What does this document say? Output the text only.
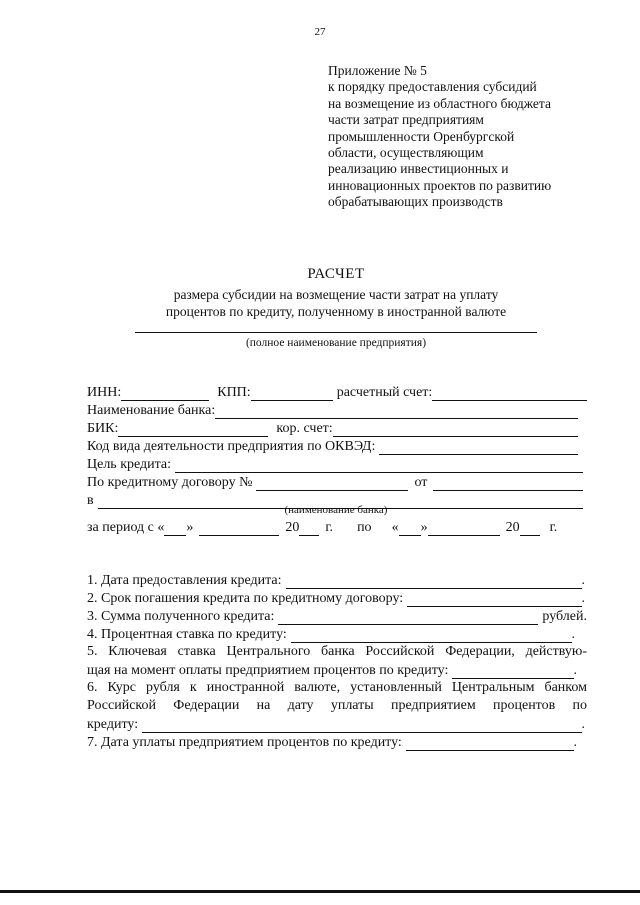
27
Приложение № 5
к порядку предоставления субсидий
на возмещение из областного бюджета
части затрат предприятиям
промышленности Оренбургской
области, осуществляющим
реализацию инвестиционных и
инновационных проектов по развитию
обрабатывающих производств
РАСЧЕТ
размера субсидии на возмещение части затрат на уплату
процентов по кредиту, полученному в иностранной валюте
(полное наименование предприятия)
ИНН:	КПП:	расчетный счет:
Наименование банка:
БИК:	кор. счет:
Код вида деятельности предприятия по ОКВЭД:
Цель кредита:
По кредитному договору №	от
в
(наименование банка)
за период с « »	20 г. по « »	20 г.
1. Дата предоставления кредита:	.
2. Срок погашения кредита по кредитному договору:	.
3. Сумма полученного кредита:	рублей.
4. Процентная ставка по кредиту:	.
5. Ключевая ставка Центрального банка Российской Федерации, действую-
щая на момент оплаты предприятием процентов по кредиту:	.
6. Курс рубля к иностранной валюте, установленный Центральным банком
Российской Федерации на дату уплаты предприятием процентов по
кредиту:	.
7. Дата уплаты предприятием процентов по кредиту:	.
